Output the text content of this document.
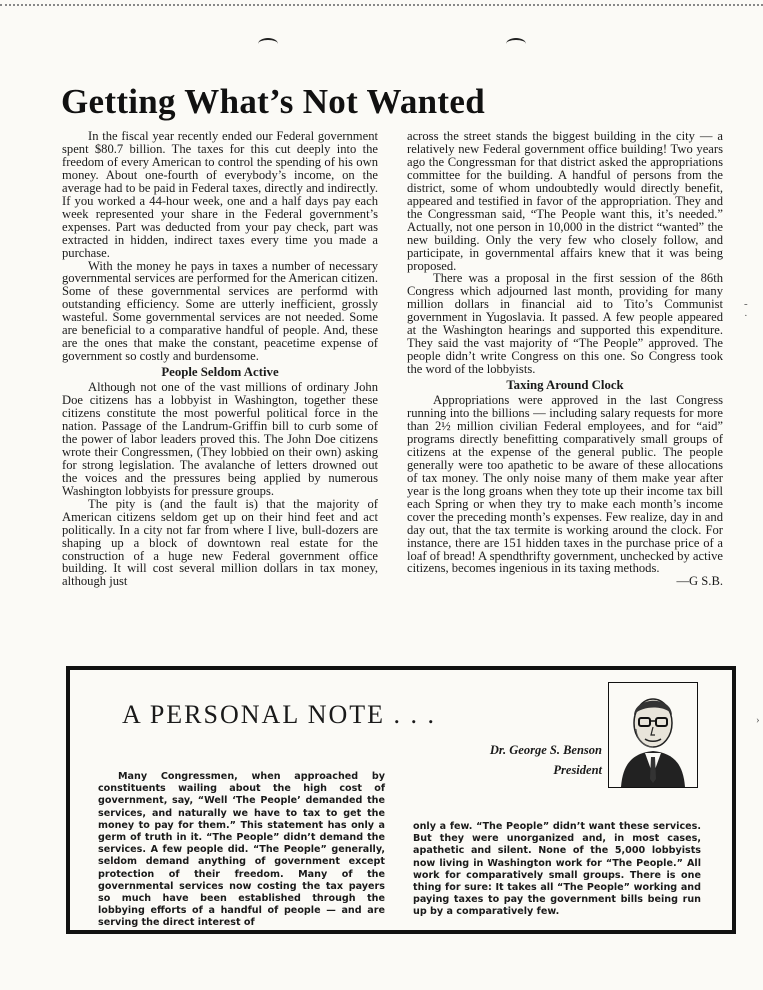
Getting What’s Not Wanted

In the fiscal year recently ended our Federal government spent $80.7 billion. The taxes for this cut deeply into the freedom of every American to control the spending of his own money. About one-fourth of everybody’s income, on the average had to be paid in Federal taxes, directly and indirectly. If you worked a 44-hour week, one and a half days pay each week represented your share in the Federal government’s expenses. Part was deducted from your pay check, part was extracted in hidden, indirect taxes every time you made a purchase.

With the money he pays in taxes a number of necessary governmental services are performed for the American citizen. Some of these governmental services are performd with outstanding efficiency. Some are utterly inefficient, grossly wasteful. Some governmental services are not needed. Some are beneficial to a comparative handful of people. And, these are the ones that make the constant, peacetime expense of government so costly and burdensome.

People Seldom Active

Although not one of the vast millions of ordinary John Doe citizens has a lobbyist in Washington, together these citizens constitute the most powerful political force in the nation. Passage of the Landrum-Griffin bill to curb some of the power of labor leaders proved this. The John Doe citizens wrote their Congressmen, (They lobbied on their own) asking for strong legislation. The avalanche of letters drowned out the voices and the pressures being applied by numerous Washington lobbyists for pressure groups.

The pity is (and the fault is) that the majority of American citizens seldom get up on their hind feet and act politically. In a city not far from where I live, bull-dozers are shaping up a block of downtown real estate for the construction of a huge new Federal government office building. It will cost several million dollars in tax money, although just

across the street stands the biggest building in the city — a relatively new Federal government office building! Two years ago the Congressman for that district asked the appropriations committee for the building. A handful of persons from the district, some of whom undoubtedly would directly benefit, appeared and testified in favor of the appropriation. They and the Congressman said, “The People want this, it’s needed.” Actually, not one person in 10,000 in the district “wanted” the new building. Only the very few who closely follow, and participate, in governmental affairs knew that it was being proposed.

There was a proposal in the first session of the 86th Congress which adjourned last month, providing for many million dollars in financial aid to Tito’s Communist government in Yugoslavia. It passed. A few people appeared at the Washington hearings and supported this expenditure. They said the vast majority of “The People” approved. The people didn’t write Congress on this one. So Congress took the word of the lobbyists.

Taxing Around Clock

Appropriations were approved in the last Congress running into the billions — including salary requests for more than 2½ million civilian Federal employees, and for “aid” programs directly benefitting comparatively small groups of citizens at the expense of the general public. The people generally were too apathetic to be aware of these allocations of tax money. The only noise many of them make year after year is the long groans when they tote up their income tax bill each Spring or when they try to make each month’s income cover the preceding month’s expenses. Few realize, day in and day out, that the tax termite is working around the clock. For instance, there are 151 hidden taxes in the purchase price of a loaf of bread! A spendthrifty government, unchecked by active citizens, becomes ingenious in its taxing methods.
—G S.B.

-
·
›
A PERSONAL NOTE . . .
Dr. George S. Benson
President
Many Congressmen, when approached by constituents wailing about the high cost of government, say, “Well ‘The People’ demanded the services, and naturally we have to tax to get the money to pay for them.” This statement has only a germ of truth in it. “The People” didn’t demand the services. A few people did. “The People” generally, seldom demand anything of government except protection of their freedom. Many of the governmental services now costing the tax payers so much have been established through the lobbying efforts of a handful of people — and are serving the direct interest of
only a few. “The People” didn’t want these services. But they were unorganized and, in most cases, apathetic and silent. None of the 5,000 lobbyists now living in Washington work for “The People.” All work for comparatively small groups. There is one thing for sure: It takes all “The People” working and paying taxes to pay the government bills being run up by a comparatively few.
